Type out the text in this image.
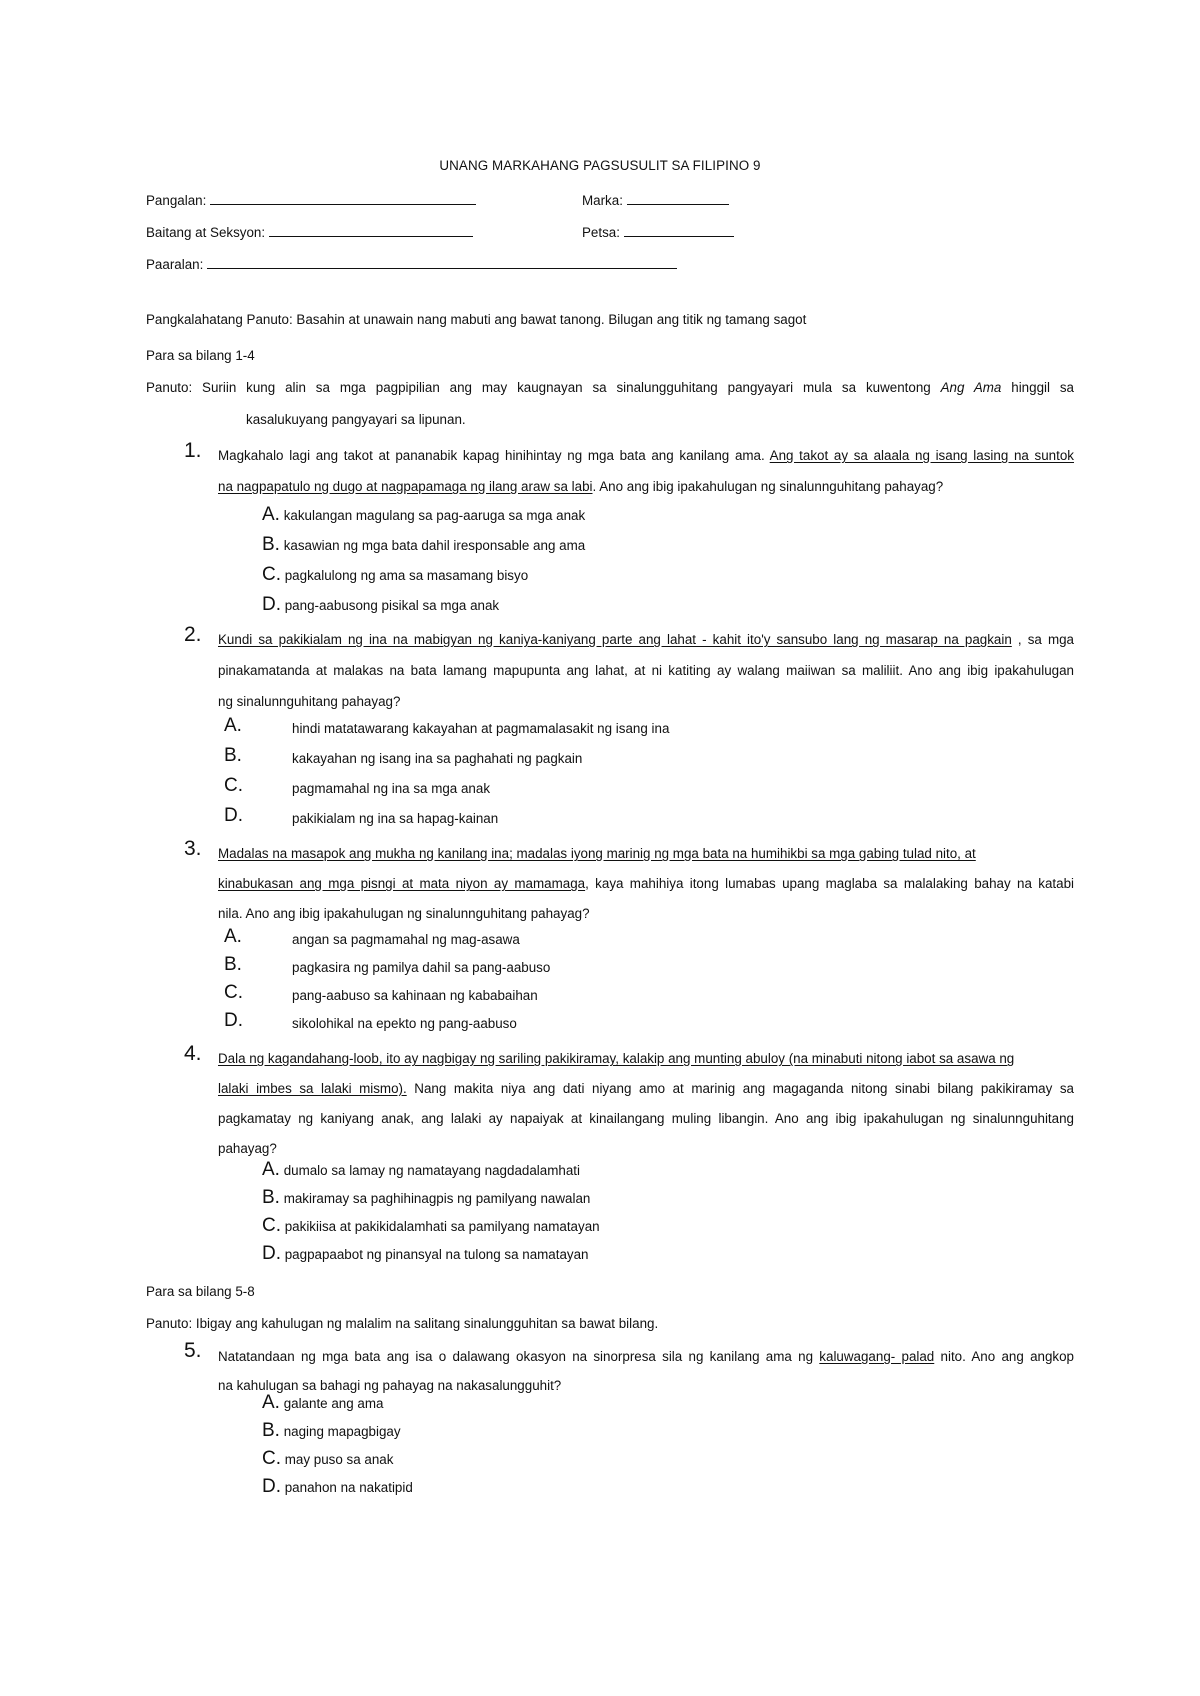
UNANG MARKAHANG PAGSUSULIT SA FILIPINO 9
Pangalan:	Marka:
Baitang at Seksyon:	Petsa:
Paaralan:
Pangkalahatang Panuto: Basahin at unawain nang mabuti ang bawat tanong. Bilugan ang titik ng tamang sagot
Para sa bilang 1-4
Panuto: Suriin kung alin sa mga pagpipilian ang may kaugnayan sa sinalungguhitang pangyayari mula sa kuwentong Ang Ama hinggil sa
kasalukuyang pangyayari sa lipunan.
1. Magkahalo lagi ang takot at pananabik kapag hinihintay ng mga bata ang kanilang ama. Ang takot ay sa alaala ng isang lasing na suntok
na nagpapatulo ng dugo at nagpapamaga ng ilang araw sa labi. Ano ang ibig ipakahulugan ng sinalunnguhitang pahayag?
A. kakulangan magulang sa pag-aaruga sa mga anak
B. kasawian ng mga bata dahil iresponsable ang ama
C. pagkalulong ng ama sa masamang bisyo
D. pang-aabusong pisikal sa mga anak
2. Kundi sa pakikialam ng ina na mabigyan ng kaniya-kaniyang parte ang lahat - kahit ito'y sansubo lang ng masarap na pagkain , sa mga
pinakamatanda at malakas na bata lamang mapupunta ang lahat, at ni katiting ay walang maiiwan sa maliliit. Ano ang ibig ipakahulugan
ng sinalunnguhitang pahayag?
A.	hindi matatawarang kakayahan at pagmamalasakit ng isang ina
B.	kakayahan ng isang ina sa paghahati ng pagkain
C.	pagmamahal ng ina sa mga anak
D.	pakikialam ng ina sa hapag-kainan
3. Madalas na masapok ang mukha ng kanilang ina; madalas iyong marinig ng mga bata na humihikbi sa mga gabing tulad nito, at
kinabukasan ang mga pisngi at mata niyon ay mamamaga, kaya mahihiya itong lumabas upang maglaba sa malalaking bahay na katabi
nila. Ano ang ibig ipakahulugan ng sinalunnguhitang pahayag?
A.	angan sa pagmamahal ng mag-asawa
B.	pagkasira ng pamilya dahil sa pang-aabuso
C.	pang-aabuso sa kahinaan ng kababaihan
D.	sikolohikal na epekto ng pang-aabuso
4. Dala ng kagandahang-loob, ito ay nagbigay ng sariling pakikiramay, kalakip ang munting abuloy (na minabuti nitong iabot sa asawa ng
lalaki imbes sa lalaki mismo). Nang makita niya ang dati niyang amo at marinig ang magaganda nitong sinabi bilang pakikiramay sa
pagkamatay ng kaniyang anak, ang lalaki ay napaiyak at kinailangang muling libangin. Ano ang ibig ipakahulugan ng sinalunnguhitang
pahayag?
A. dumalo sa lamay ng namatayang nagdadalamhati
B. makiramay sa paghihinagpis ng pamilyang nawalan
C. pakikiisa at pakikidalamhati sa pamilyang namatayan
D. pagpapaabot ng pinansyal na tulong sa namatayan
Para sa bilang 5-8
Panuto: Ibigay ang kahulugan ng malalim na salitang sinalungguhitan sa bawat bilang.
5. Natatandaan ng mga bata ang isa o dalawang okasyon na sinorpresa sila ng kanilang ama ng kaluwagang- palad nito. Ano ang angkop
na kahulugan sa bahagi ng pahayag na nakasalungguhit?
A. galante ang ama
B. naging mapagbigay
C. may puso sa anak
D. panahon na nakatipid
